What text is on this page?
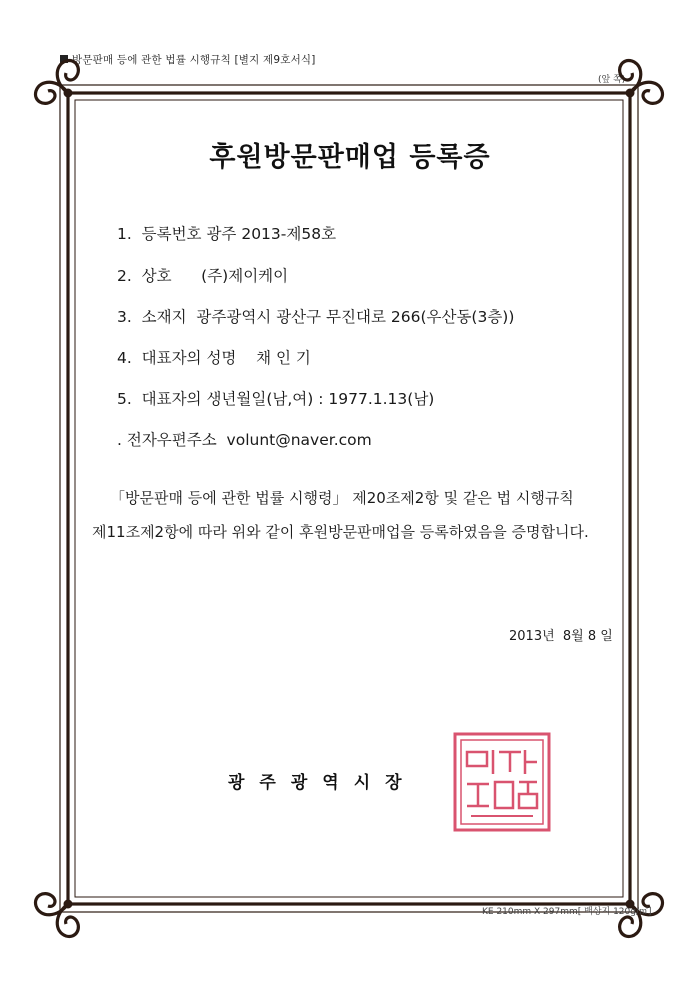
방문판매 등에 관한 법률 시행규칙 [별지 제9호서식]
(앞 쪽)
후원방문판매업 등록증
1.  등록번호 광주 2013-제58호
2.  상호      (주)제이케이
3.  소재지  광주광역시 광산구 무진대로 266(우산동(3층))
4.  대표자의 성명    채 인 기
5.  대표자의 생년월일(남,여) : 1977.1.13(남)
. 전자우편주소  volunt@naver.com
「방문판매 등에 관한 법률 시행령」 제20조제2항 및 같은 법 시행규칙
제11조제2항에 따라 위와 같이 후원방문판매업을 등록하였음을 증명합니다.
2013년  8월 8 일
광주광역시장
KE 210mm X 297mm[ 백상지 120g/㎡]
